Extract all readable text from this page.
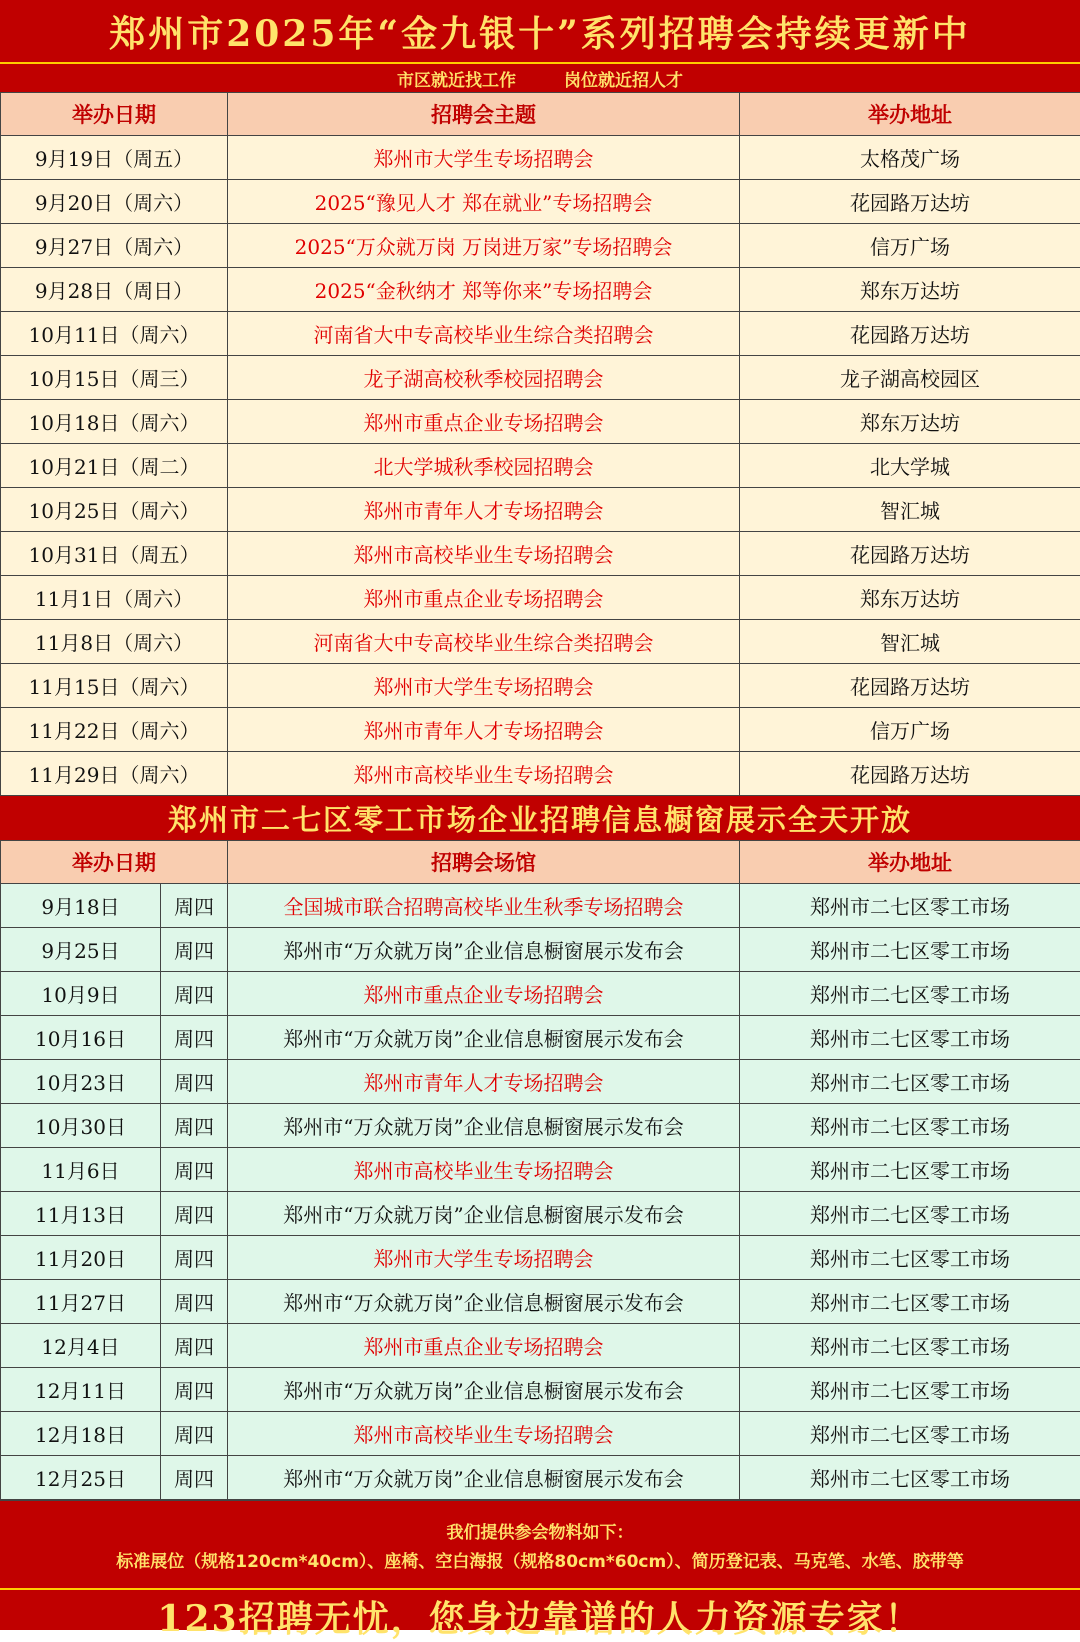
郑州市2025年“金九银十”系列招聘会持续更新中
市区就近找工作	岗位就近招人才
举办日期	招聘会主题	举办地址
9月19日（周五）	郑州市大学生专场招聘会	太格茂广场
9月20日（周六）	2025“豫见人才 郑在就业”专场招聘会	花园路万达坊
9月27日（周六）	2025“万众就万岗 万岗进万家”专场招聘会	信万广场
9月28日（周日）	2025“金秋纳才 郑等你来”专场招聘会	郑东万达坊
10月11日（周六）	河南省大中专高校毕业生综合类招聘会	花园路万达坊
10月15日（周三）	龙子湖高校秋季校园招聘会	龙子湖高校园区
10月18日（周六）	郑州市重点企业专场招聘会	郑东万达坊
10月21日（周二）	北大学城秋季校园招聘会	北大学城
10月25日（周六）	郑州市青年人才专场招聘会	智汇城
10月31日（周五）	郑州市高校毕业生专场招聘会	花园路万达坊
11月1日（周六）	郑州市重点企业专场招聘会	郑东万达坊
11月8日（周六）	河南省大中专高校毕业生综合类招聘会	智汇城
11月15日（周六）	郑州市大学生专场招聘会	花园路万达坊
11月22日（周六）	郑州市青年人才专场招聘会	信万广场
11月29日（周六）	郑州市高校毕业生专场招聘会	花园路万达坊
郑州市二七区零工市场企业招聘信息橱窗展示全天开放
举办日期		招聘会场馆	举办地址
9月18日	周四	全国城市联合招聘高校毕业生秋季专场招聘会	郑州市二七区零工市场
9月25日	周四	郑州市“万众就万岗”企业信息橱窗展示发布会	郑州市二七区零工市场
10月9日	周四	郑州市重点企业专场招聘会	郑州市二七区零工市场
10月16日	周四	郑州市“万众就万岗”企业信息橱窗展示发布会	郑州市二七区零工市场
10月23日	周四	郑州市青年人才专场招聘会	郑州市二七区零工市场
10月30日	周四	郑州市“万众就万岗”企业信息橱窗展示发布会	郑州市二七区零工市场
11月6日	周四	郑州市高校毕业生专场招聘会	郑州市二七区零工市场
11月13日	周四	郑州市“万众就万岗”企业信息橱窗展示发布会	郑州市二七区零工市场
11月20日	周四	郑州市大学生专场招聘会	郑州市二七区零工市场
11月27日	周四	郑州市“万众就万岗”企业信息橱窗展示发布会	郑州市二七区零工市场
12月4日	周四	郑州市重点企业专场招聘会	郑州市二七区零工市场
12月11日	周四	郑州市“万众就万岗”企业信息橱窗展示发布会	郑州市二七区零工市场
12月18日	周四	郑州市高校毕业生专场招聘会	郑州市二七区零工市场
12月25日	周四	郑州市“万众就万岗”企业信息橱窗展示发布会	郑州市二七区零工市场
我们提供参会物料如下：
标准展位（规格120cm*40cm）、座椅、空白海报（规格80cm*60cm）、简历登记表、马克笔、水笔、胶带等
123招聘无忧，您身边靠谱的人力资源专家！
